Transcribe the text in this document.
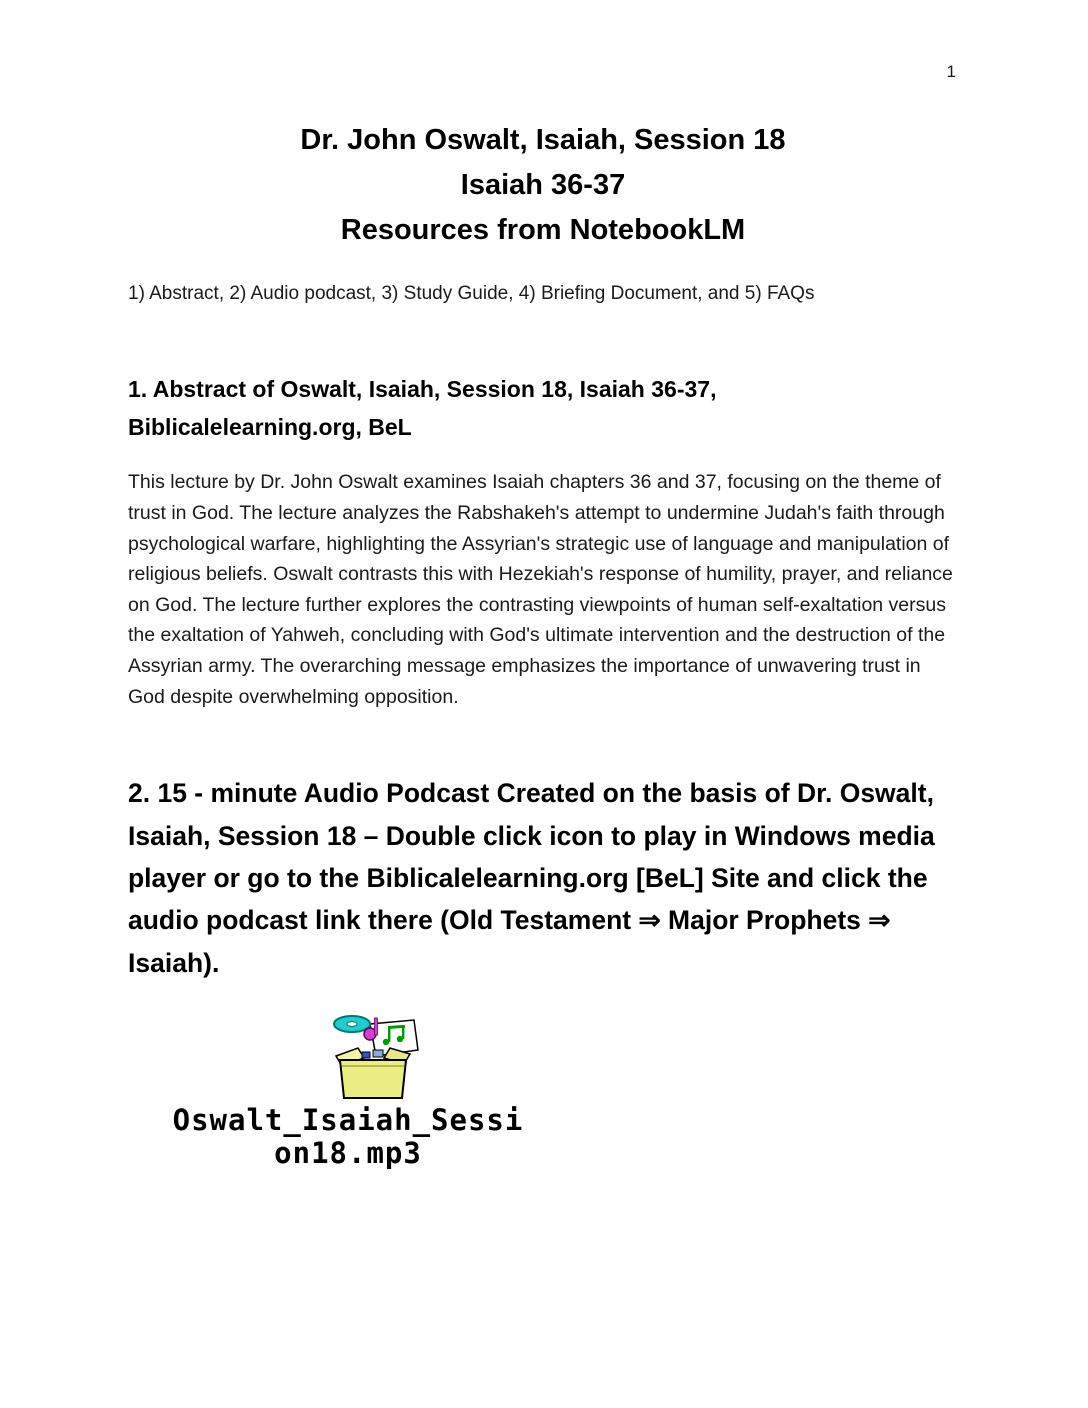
1
Dr. John Oswalt, Isaiah, Session 18
Isaiah 36-37
Resources from NotebookLM
1) Abstract, 2) Audio podcast, 3) Study Guide, 4) Briefing Document, and 5) FAQs
1. Abstract of Oswalt, Isaiah, Session 18, Isaiah 36-37, Biblicalelearning.org, BeL
This lecture by Dr. John Oswalt examines Isaiah chapters 36 and 37, focusing on the theme of trust in God. The lecture analyzes the Rabshakeh's attempt to undermine Judah's faith through psychological warfare, highlighting the Assyrian's strategic use of language and manipulation of religious beliefs. Oswalt contrasts this with Hezekiah's response of humility, prayer, and reliance on God. The lecture further explores the contrasting viewpoints of human self-exaltation versus the exaltation of Yahweh, concluding with God's ultimate intervention and the destruction of the Assyrian army. The overarching message emphasizes the importance of unwavering trust in God despite overwhelming opposition.
2. 15 - minute Audio Podcast Created on the basis of Dr. Oswalt, Isaiah, Session 18 – Double click icon to play in Windows media player or go to the Biblicalelearning.org [BeL] Site and click the audio podcast link there (Old Testament ⇒ Major Prophets ⇒ Isaiah).
Oswalt_Isaiah_Sessi
on18.mp3
